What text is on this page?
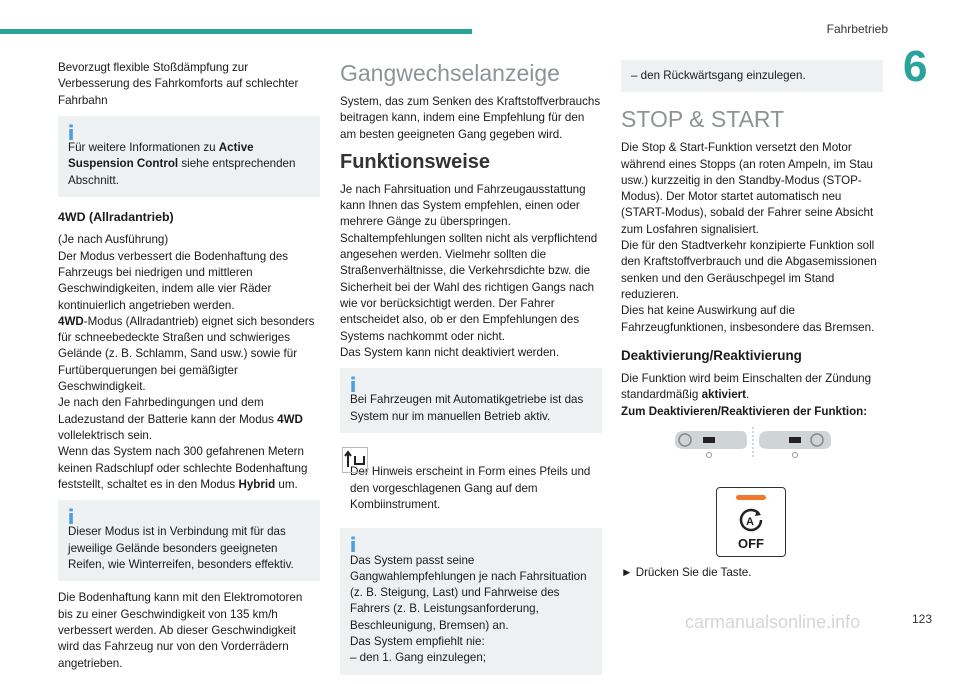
Fahrbetrieb
6

Bevorzugt flexible Stoßdämpfung zur Verbesserung des Fahrkomforts auf schlechter Fahrbahn

i
Für weitere Informationen zu Active Suspension Control siehe entsprechenden Abschnitt.

4WD (Allradantrieb)

(Je nach Ausführung)
Der Modus verbessert die Bodenhaftung des Fahrzeugs bei niedrigen und mittleren Geschwindigkeiten, indem alle vier Räder kontinuierlich angetrieben werden.

4WD-Modus (Allradantrieb) eignet sich besonders für schneebedeckte Straßen und schwieriges Gelände (z. B. Schlamm, Sand usw.) sowie für Furtüberquerungen bei gemäßigter Geschwindigkeit.

Je nach den Fahrbedingungen und dem Ladezustand der Batterie kann der Modus 4WD vollelektrisch sein.

Wenn das System nach 300 gefahrenen Metern keinen Radschlupf oder schlechte Bodenhaftung feststellt, schaltet es in den Modus Hybrid um.

i
Dieser Modus ist in Verbindung mit für das jeweilige Gelände besonders geeigneten Reifen, wie Winterreifen, besonders effektiv.

Die Bodenhaftung kann mit den Elektromotoren bis zu einer Geschwindigkeit von 135 km/h verbessert werden. Ab dieser Geschwindigkeit wird das Fahrzeug nur von den Vorderrädern angetrieben.

Gangwechselanzeige

System, das zum Senken des Kraftstoffverbrauchs beitragen kann, indem eine Empfehlung für den am besten geeigneten Gang gegeben wird.

Funktionsweise

Je nach Fahrsituation und Fahrzeugausstattung kann Ihnen das System empfehlen, einen oder mehrere Gänge zu überspringen.
Schaltempfehlungen sollten nicht als verpflichtend angesehen werden. Vielmehr sollten die Straßenverhältnisse, die Verkehrsdichte bzw. die Sicherheit bei der Wahl des richtigen Gangs nach wie vor berücksichtigt werden. Der Fahrer entscheidet also, ob er den Empfehlungen des Systems nachkommt oder nicht.
Das System kann nicht deaktiviert werden.

i
Bei Fahrzeugen mit Automatikgetriebe ist das System nur im manuellen Betrieb aktiv.

Der Hinweis erscheint in Form eines Pfeils und den vorgeschlagenen Gang auf dem Kombiinstrument.

i
Das System passt seine Gangwahlempfehlungen je nach Fahrsituation (z. B. Steigung, Last) und Fahrweise des Fahrers (z. B. Leistungsanforderung, Beschleunigung, Bremsen) an.
Das System empfiehlt nie:
– den 1. Gang einzulegen;

– den Rückwärtsgang einzulegen.
STOP & START

Die Stop & Start-Funktion versetzt den Motor während eines Stopps (an roten Ampeln, im Stau usw.) kurzzeitig in den Standby-Modus (STOP-Modus). Der Motor startet automatisch neu (START-Modus), sobald der Fahrer seine Absicht zum Losfahren signalisiert.
Die für den Stadtverkehr konzipierte Funktion soll den Kraftstoffverbrauch und die Abgasemissionen senken und den Geräuschpegel im Stand reduzieren.
Dies hat keine Auswirkung auf die Fahrzeugfunktionen, insbesondere das Bremsen.

Deaktivierung/Reaktivierung

Die Funktion wird beim Einschalten der Zündung standardmäßig aktiviert.

Zum Deaktivieren/Reaktivieren der Funktion:

A
OFF

► Drücken Sie die Taste.

carmanualsonline.info	123
